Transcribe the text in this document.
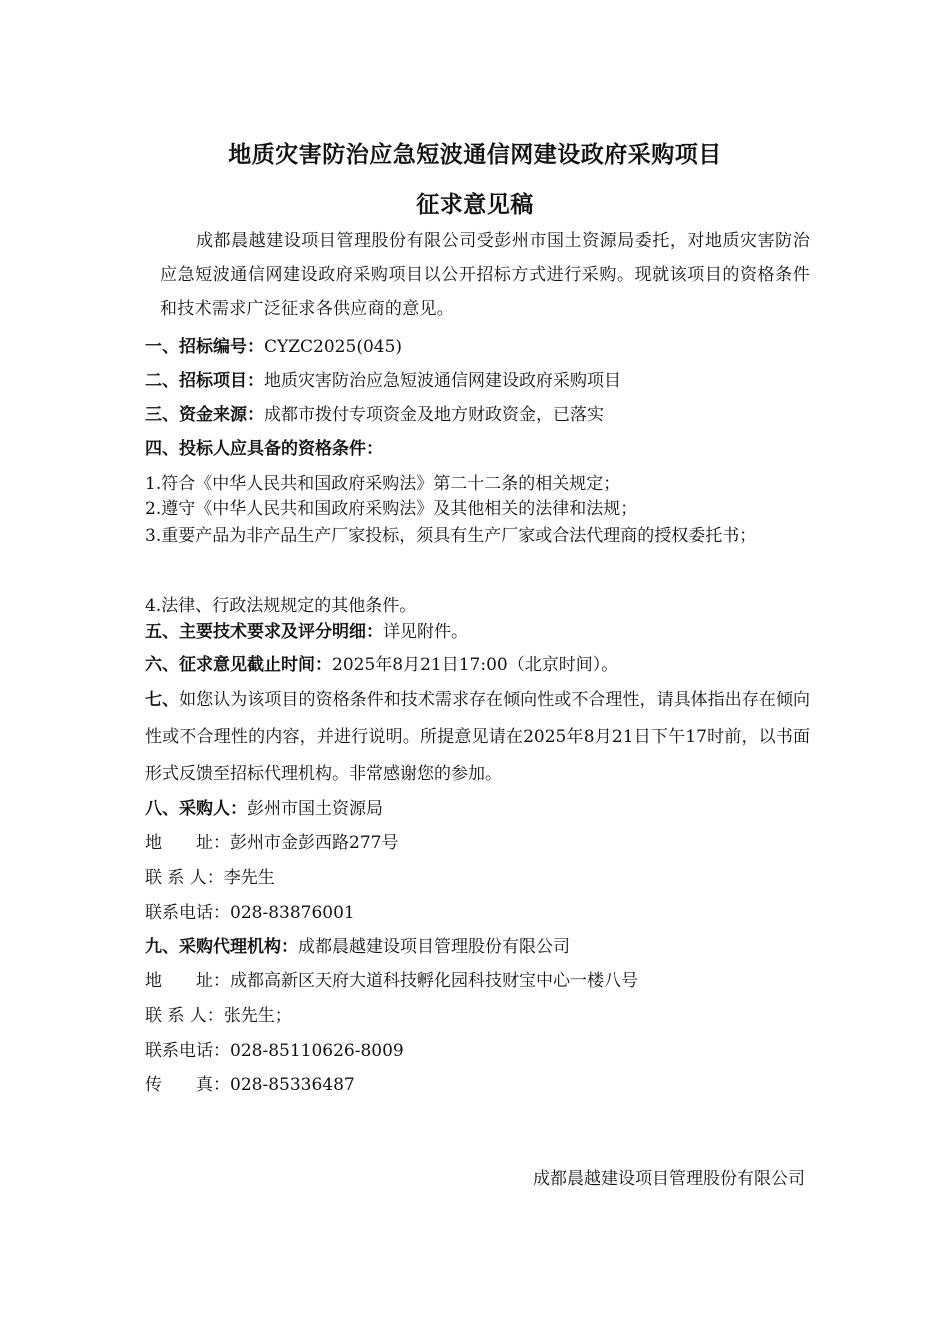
地质灾害防治应急短波通信网建设政府采购项目
征求意见稿
成都晨越建设项目管理股份有限公司受彭州市国土资源局委托，对地质灾害防治应急短波通信网建设政府采购项目以公开招标方式进行采购。现就该项目的资格条件和技术需求广泛征求各供应商的意见。
一、招标编号：CYZC2025(045)
二、招标项目：地质灾害防治应急短波通信网建设政府采购项目
三、资金来源：成都市拨付专项资金及地方财政资金，已落实
四、投标人应具备的资格条件：
1.符合《中华人民共和国政府采购法》第二十二条的相关规定；
2.遵守《中华人民共和国政府采购法》及其他相关的法律和法规；
3.重要产品为非产品生产厂家投标，须具有生产厂家或合法代理商的授权委托书；
4.法律、行政法规规定的其他条件。
五、主要技术要求及评分明细：详见附件。
六、征求意见截止时间：2025年8月21日17:00（北京时间）。
七、如您认为该项目的资格条件和技术需求存在倾向性或不合理性，请具体指出存在倾向性或不合理性的内容，并进行说明。所提意见请在2025年8月21日下午17时前，以书面形式反馈至招标代理机构。非常感谢您的参加。
八、采购人：彭州市国土资源局
地　　址：彭州市金彭西路277号
联 系 人：李先生
联系电话：028-83876001
九、采购代理机构：成都晨越建设项目管理股份有限公司
地　　址：成都高新区天府大道科技孵化园科技财宝中心一楼八号
联 系 人：张先生；
联系电话：028-85110626-8009
传　　真：028-85336487
成都晨越建设项目管理股份有限公司
